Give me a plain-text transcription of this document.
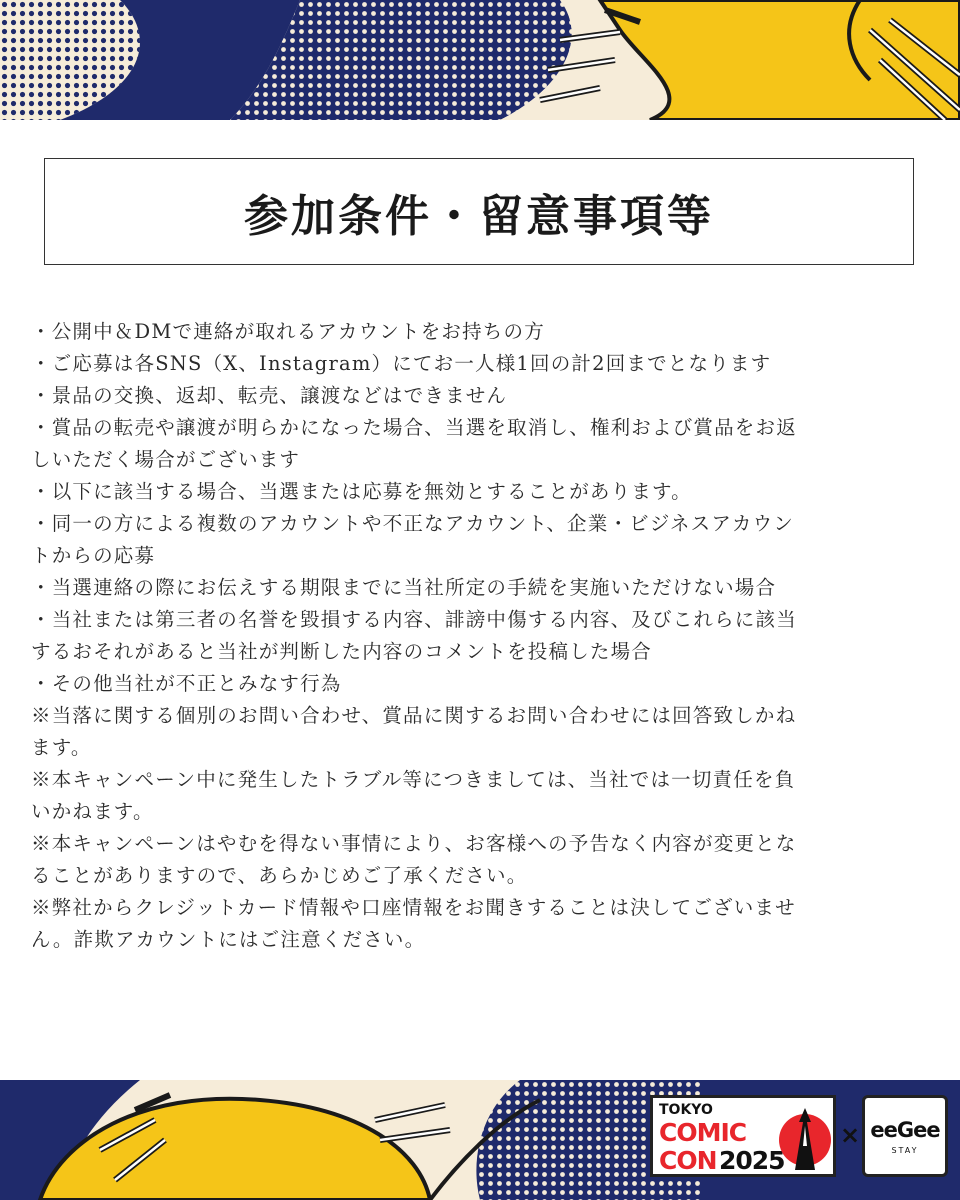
参加条件・留意事項等
・公開中＆DMで連絡が取れるアカウントをお持ちの方
・ご応募は各SNS（X、Instagram）にてお一人様1回の計2回までとなります
・景品の交換、返却、転売、譲渡などはできません
・賞品の転売や譲渡が明らかになった場合、当選を取消し、権利および賞品をお返
しいただく場合がございます
・以下に該当する場合、当選または応募を無効とすることがあります。
・同一の方による複数のアカウントや不正なアカウント、企業・ビジネスアカウン
トからの応募
・当選連絡の際にお伝えする期限までに当社所定の手続を実施いただけない場合
・当社または第三者の名誉を毀損する内容、誹謗中傷する内容、及びこれらに該当
するおそれがあると当社が判断した内容のコメントを投稿した場合
・その他当社が不正とみなす行為
※当落に関する個別のお問い合わせ、賞品に関するお問い合わせには回答致しかね
ます。
※本キャンペーン中に発生したトラブル等につきましては、当社では一切責任を負
いかねます。
※本キャンペーンはやむを得ない事情により、お客様への予告なく内容が変更とな
ることがありますので、あらかじめご了承ください。
※弊社からクレジットカード情報や口座情報をお聞きすることは決してございませ
ん。詐欺アカウントにはご注意ください。
TOKYO
COMIC
CON 2025
× eeGee
STAY
